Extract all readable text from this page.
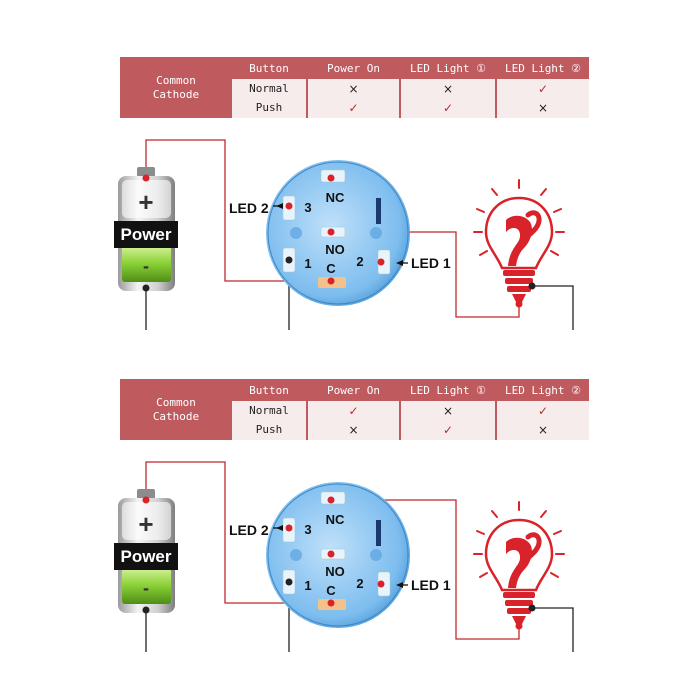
Common
Cathode
Button	Power On	LED Light ①	LED Light ②
Normal	×	×	✓
Push	✓	✓	×
+
-
Power
NC
NO
C
3
1	2
LED 2
LED 1
Common
Cathode
Button	Power On	LED Light ①	LED Light ②
Normal	✓	×	✓
Push	×	✓	×
+
-
Power
NC
NO
C
3
1	2
LED 2
LED 1
